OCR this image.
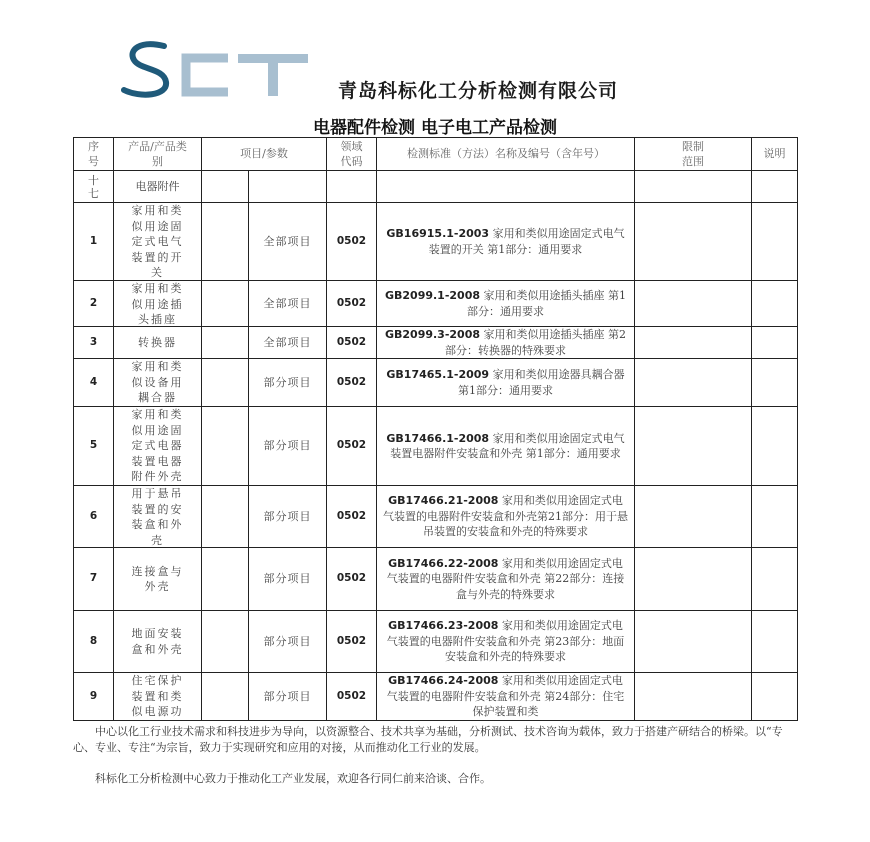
青岛科标化工分析检测有限公司
电器配件检测 电子电工产品检测
序号	产品/产品类别	项目/参数		领域代码	检测标准（方法）名称及编号（含年号）	限制范围	说明
十七	电器附件						
1	家用和类似用途固定式电气装置的开关		全部项目	0502	GB16915.1-2003 家用和类似用途固定式电气装置的开关 第1部分：通用要求		

2	家用和类似用途插头插座		全部项目	0502	GB2099.1-2008 家用和类似用途插头插座 第1部分：通用要求		

3	转换器		全部项目	0502	GB2099.3-2008 家用和类似用途插头插座 第2部分：转换器的特殊要求		

4	家用和类似设备用耦合器		部分项目	0502	GB17465.1-2009 家用和类似用途器具耦合器 第1部分：通用要求		

5	家用和类似用途固定式电器装置电器附件外壳		部分项目	0502	GB17466.1-2008 家用和类似用途固定式电气装置电器附件安装盒和外壳 第1部分：通用要求		

6	用于悬吊装置的安装盒和外壳		部分项目	0502	GB17466.21-2008 家用和类似用途固定式电气装置的电器附件安装盒和外壳第21部分：用于悬吊装置的安装盒和外壳的特殊要求		

7	连接盒与外壳		部分项目	0502	GB17466.22-2008 家用和类似用途固定式电气装置的电器附件安装盒和外壳 第22部分：连接盒与外壳的特殊要求		

8	地面安装盒和外壳		部分项目	0502	GB17466.23-2008 家用和类似用途固定式电气装置的电器附件安装盒和外壳 第23部分：地面安装盒和外壳的特殊要求		

9	住宅保护装置和类似电源功		部分项目	0502	GB17466.24-2008 家用和类似用途固定式电气装置的电器附件安装盒和外壳 第24部分：住宅保护装置和类		

　　中心以化工行业技术需求和科技进步为导向，以资源整合、技术共享为基础，分析测试、技术咨询为载体，致力于搭建产研结合的桥梁。以“专心、专业、专注“为宗旨，致力于实现研究和应用的对接，从而推动化工行业的发展。
　　科标化工分析检测中心致力于推动化工产业发展，欢迎各行同仁前来洽谈、合作。
